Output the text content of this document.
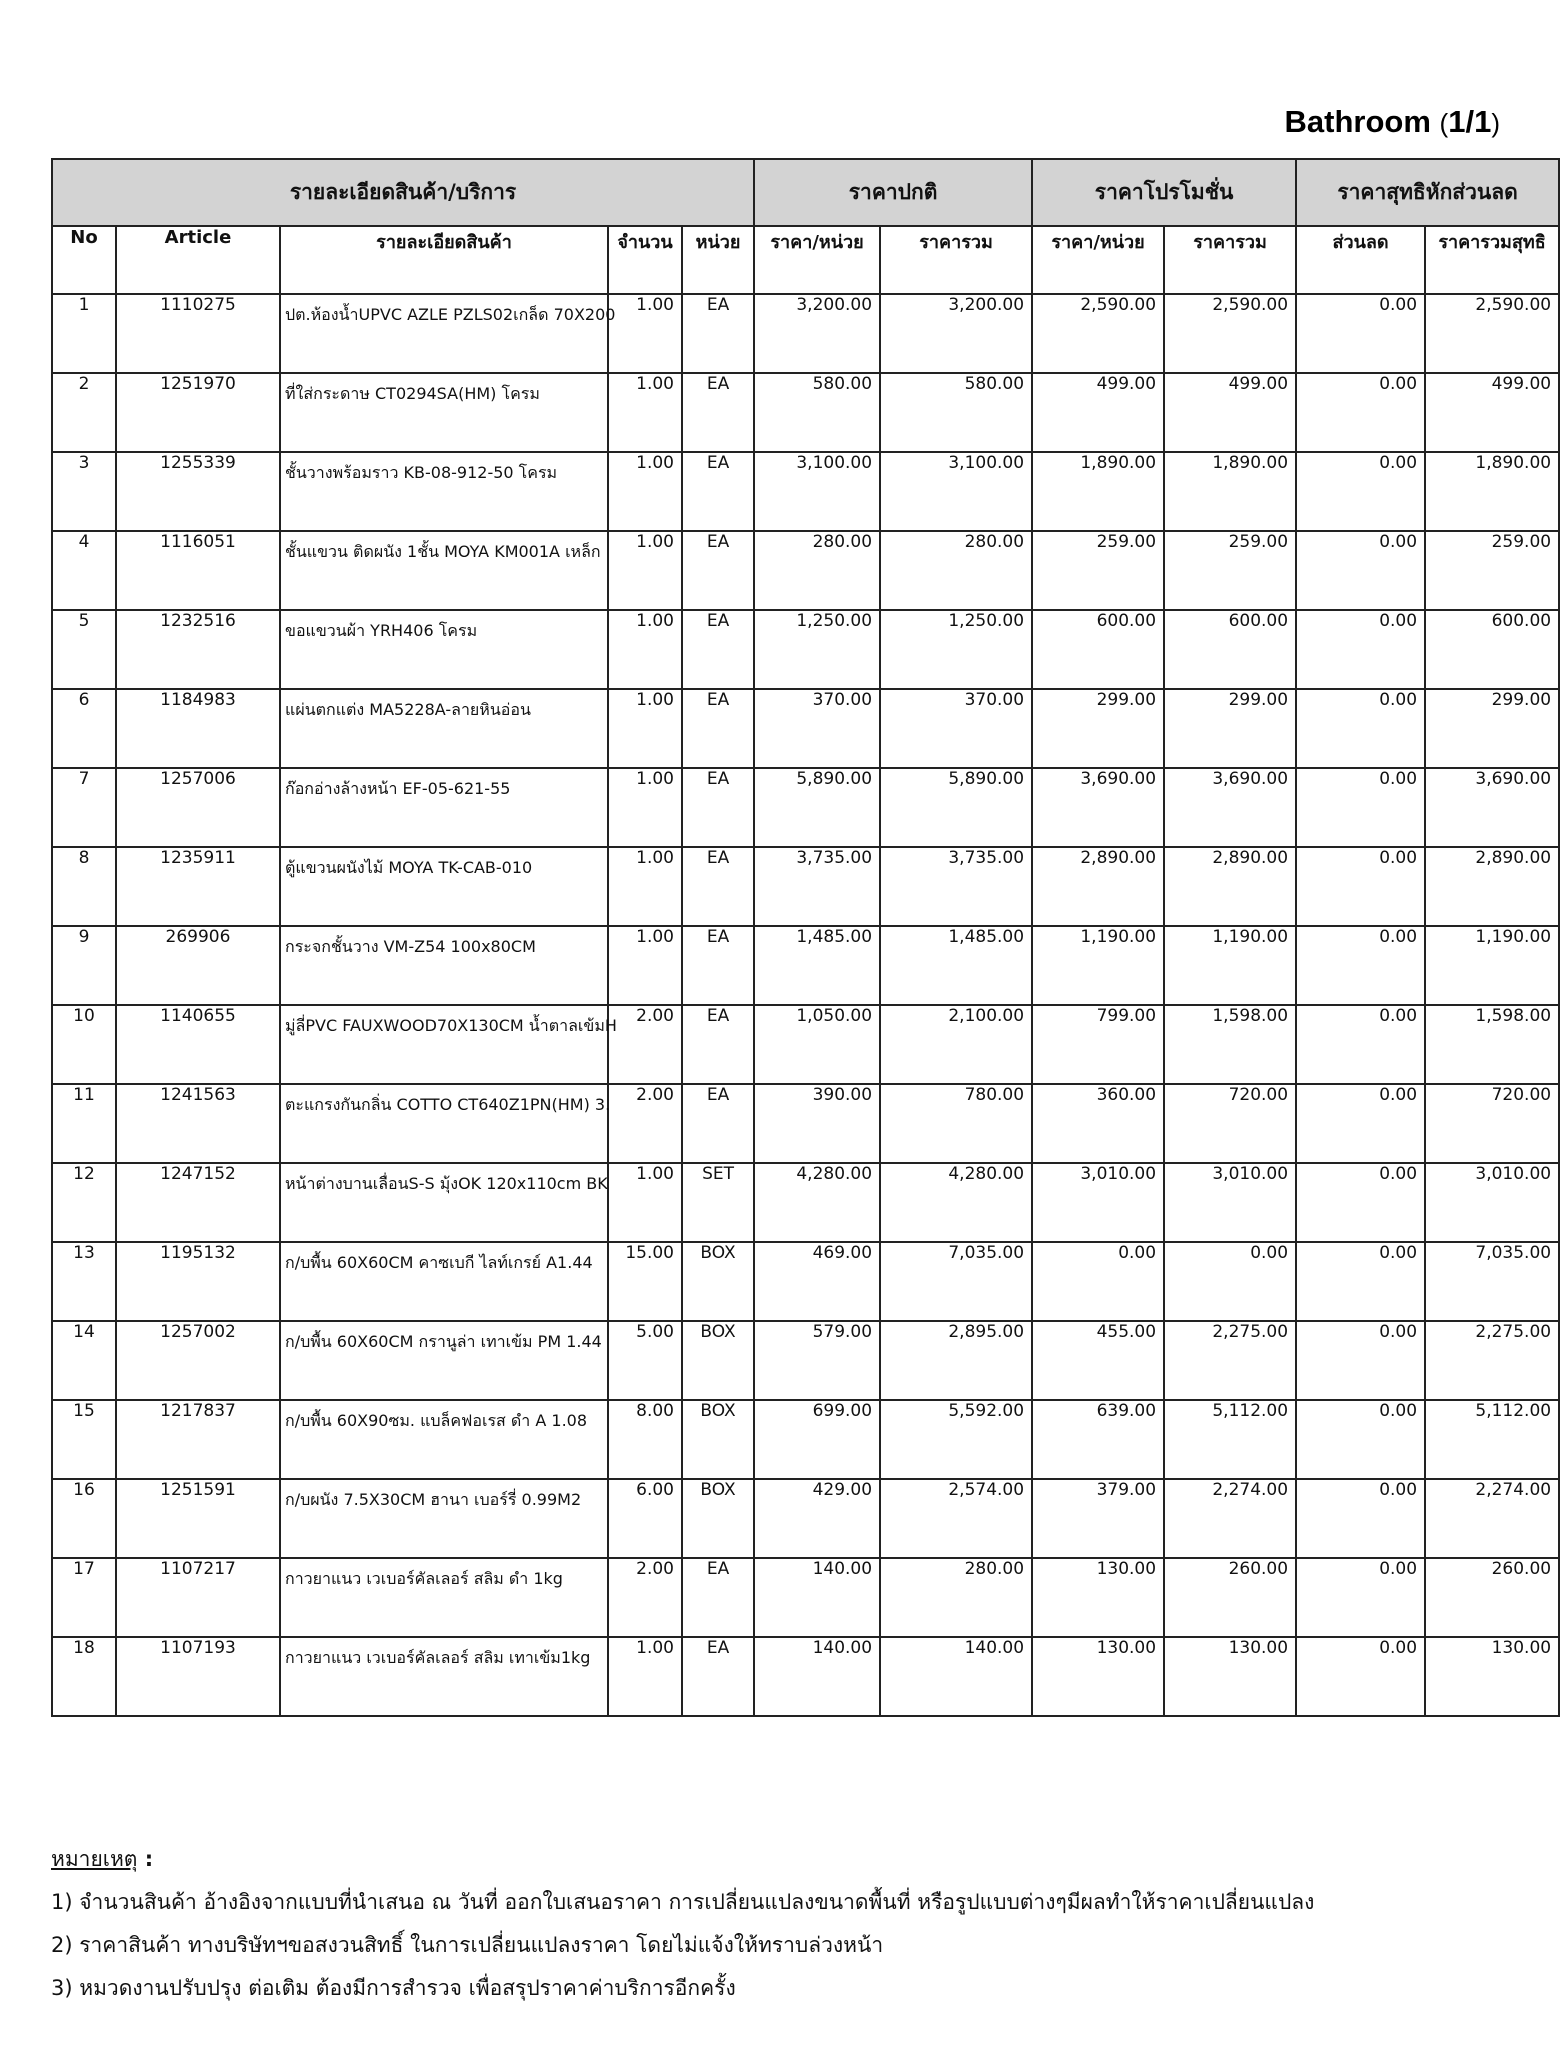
Bathroom (1/1)
รายละเอียดสินค้า/บริการ					ราคาปกติ		ราคาโปรโมชั่น		ราคาสุทธิหักส่วนลด	
No	Article	รายละเอียดสินค้า	จำนวน	หน่วย	ราคา/หน่วย	ราคารวม	ราคา/หน่วย	ราคารวม	ส่วนลด	ราคารวมสุทธิ
1	1110275	ปต.ห้องน้ำUPVC AZLE PZLS02เกล็ด 70X200	1.00	EA	3,200.00	3,200.00	2,590.00	2,590.00	0.00	2,590.00
2	1251970	ที่ใส่กระดาษ CT0294SA(HM) โครม	1.00	EA	580.00	580.00	499.00	499.00	0.00	499.00
3	1255339	ชั้นวางพร้อมราว KB-08-912-50 โครม	1.00	EA	3,100.00	3,100.00	1,890.00	1,890.00	0.00	1,890.00
4	1116051	ชั้นแขวน ติดผนัง 1ชั้น MOYA KM001A เหล็ก	1.00	EA	280.00	280.00	259.00	259.00	0.00	259.00
5	1232516	ขอแขวนผ้า YRH406 โครม	1.00	EA	1,250.00	1,250.00	600.00	600.00	0.00	600.00
6	1184983	แผ่นตกแต่ง MA5228A-ลายหินอ่อน	1.00	EA	370.00	370.00	299.00	299.00	0.00	299.00
7	1257006	ก๊อกอ่างล้างหน้า EF-05-621-55	1.00	EA	5,890.00	5,890.00	3,690.00	3,690.00	0.00	3,690.00
8	1235911	ตู้แขวนผนังไม้ MOYA TK-CAB-010	1.00	EA	3,735.00	3,735.00	2,890.00	2,890.00	0.00	2,890.00
9	269906	กระจกชั้นวาง VM-Z54 100x80CM	1.00	EA	1,485.00	1,485.00	1,190.00	1,190.00	0.00	1,190.00
10	1140655	มู่ลี่PVC FAUXWOOD70X130CM น้ำตาลเข้มH	2.00	EA	1,050.00	2,100.00	799.00	1,598.00	0.00	1,598.00
11	1241563	ตะแกรงกันกลิ่น COTTO CT640Z1PN(HM) 3.	2.00	EA	390.00	780.00	360.00	720.00	0.00	720.00
12	1247152	หน้าต่างบานเลื่อนS-S มุ้งOK 120x110cm BK	1.00	SET	4,280.00	4,280.00	3,010.00	3,010.00	0.00	3,010.00
13	1195132	ก/บพื้น 60X60CM คาซเบกี ไลท์เกรย์ A1.44	15.00	BOX	469.00	7,035.00	0.00	0.00	0.00	7,035.00
14	1257002	ก/บพื้น 60X60CM กรานูล่า เทาเข้ม PM 1.44	5.00	BOX	579.00	2,895.00	455.00	2,275.00	0.00	2,275.00
15	1217837	ก/บพื้น 60X90ซม. แบล็คฟอเรส ดำ A 1.08	8.00	BOX	699.00	5,592.00	639.00	5,112.00	0.00	5,112.00
16	1251591	ก/บผนัง 7.5X30CM ฮานา เบอร์รี่ 0.99M2	6.00	BOX	429.00	2,574.00	379.00	2,274.00	0.00	2,274.00
17	1107217	กาวยาแนว เวเบอร์คัลเลอร์ สลิม ดำ 1kg	2.00	EA	140.00	280.00	130.00	260.00	0.00	260.00
18	1107193	กาวยาแนว เวเบอร์คัลเลอร์ สลิม เทาเข้ม1kg	1.00	EA	140.00	140.00	130.00	130.00	0.00	130.00
หมายเหตุ :
1) จำนวนสินค้า อ้างอิงจากแบบที่นำเสนอ ณ วันที่ ออกใบเสนอราคา การเปลี่ยนแปลงขนาดพื้นที่ หรือรูปแบบต่างๆมีผลทำให้ราคาเปลี่ยนแปลง
2) ราคาสินค้า ทางบริษัทฯขอสงวนสิทธิ์ ในการเปลี่ยนแปลงราคา โดยไม่แจ้งให้ทราบล่วงหน้า
3) หมวดงานปรับปรุง ต่อเติม ต้องมีการสำรวจ เพื่อสรุปราคาค่าบริการอีกครั้ง
